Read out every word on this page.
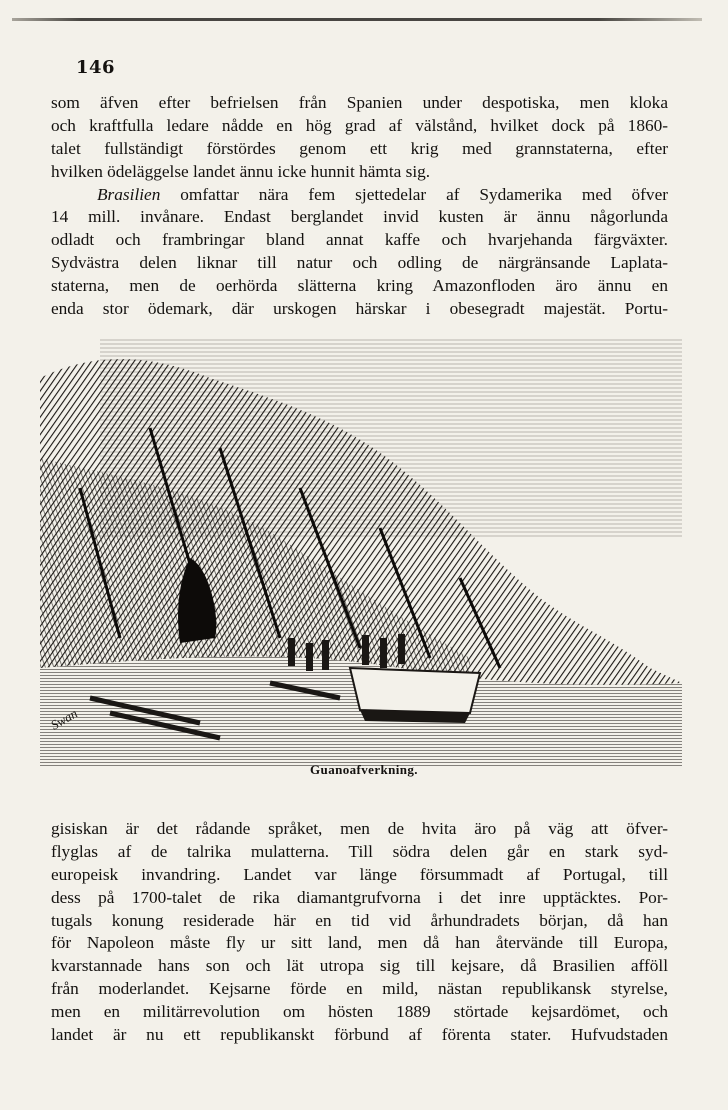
146
som äfven efter befrielsen från Spanien under despotiska, men kloka
och kraftfulla ledare nådde en hög grad af välstånd, hvilket dock på 1860-
talet fullständigt förstördes genom ett krig med grannstaterna, efter
hvilken ödeläggelse landet ännu icke hunnit hämta sig.
Brasilien omfattar nära fem sjettedelar af Sydamerika med öfver
14 mill. invånare. Endast berglandet invid kusten är ännu någorlunda
odladt och frambringar bland annat kaffe och hvarjehanda färgväxter.
Sydvästra delen liknar till natur och odling de närgränsande Laplata-
staterna, men de oerhörda slätterna kring Amazonfloden äro ännu en
enda stor ödemark, där urskogen härskar i obesegradt majestät. Portu-
Swan
Guanoafverkning.
gisiskan är det rådande språket, men de hvita äro på väg att öfver-
flyglas af de talrika mulatterna. Till södra delen går en stark syd-
europeisk invandring. Landet var länge försummadt af Portugal, till
dess på 1700-talet de rika diamantgrufvorna i det inre upptäcktes. Por-
tugals konung residerade här en tid vid århundradets början, då han
för Napoleon måste fly ur sitt land, men då han återvände till Europa,
kvarstannade hans son och lät utropa sig till kejsare, då Brasilien afföll
från moderlandet. Kejsarne förde en mild, nästan republikansk styrelse,
men en militärrevolution om hösten 1889 störtade kejsardömet, och
landet är nu ett republikanskt förbund af förenta stater. Hufvudstaden
